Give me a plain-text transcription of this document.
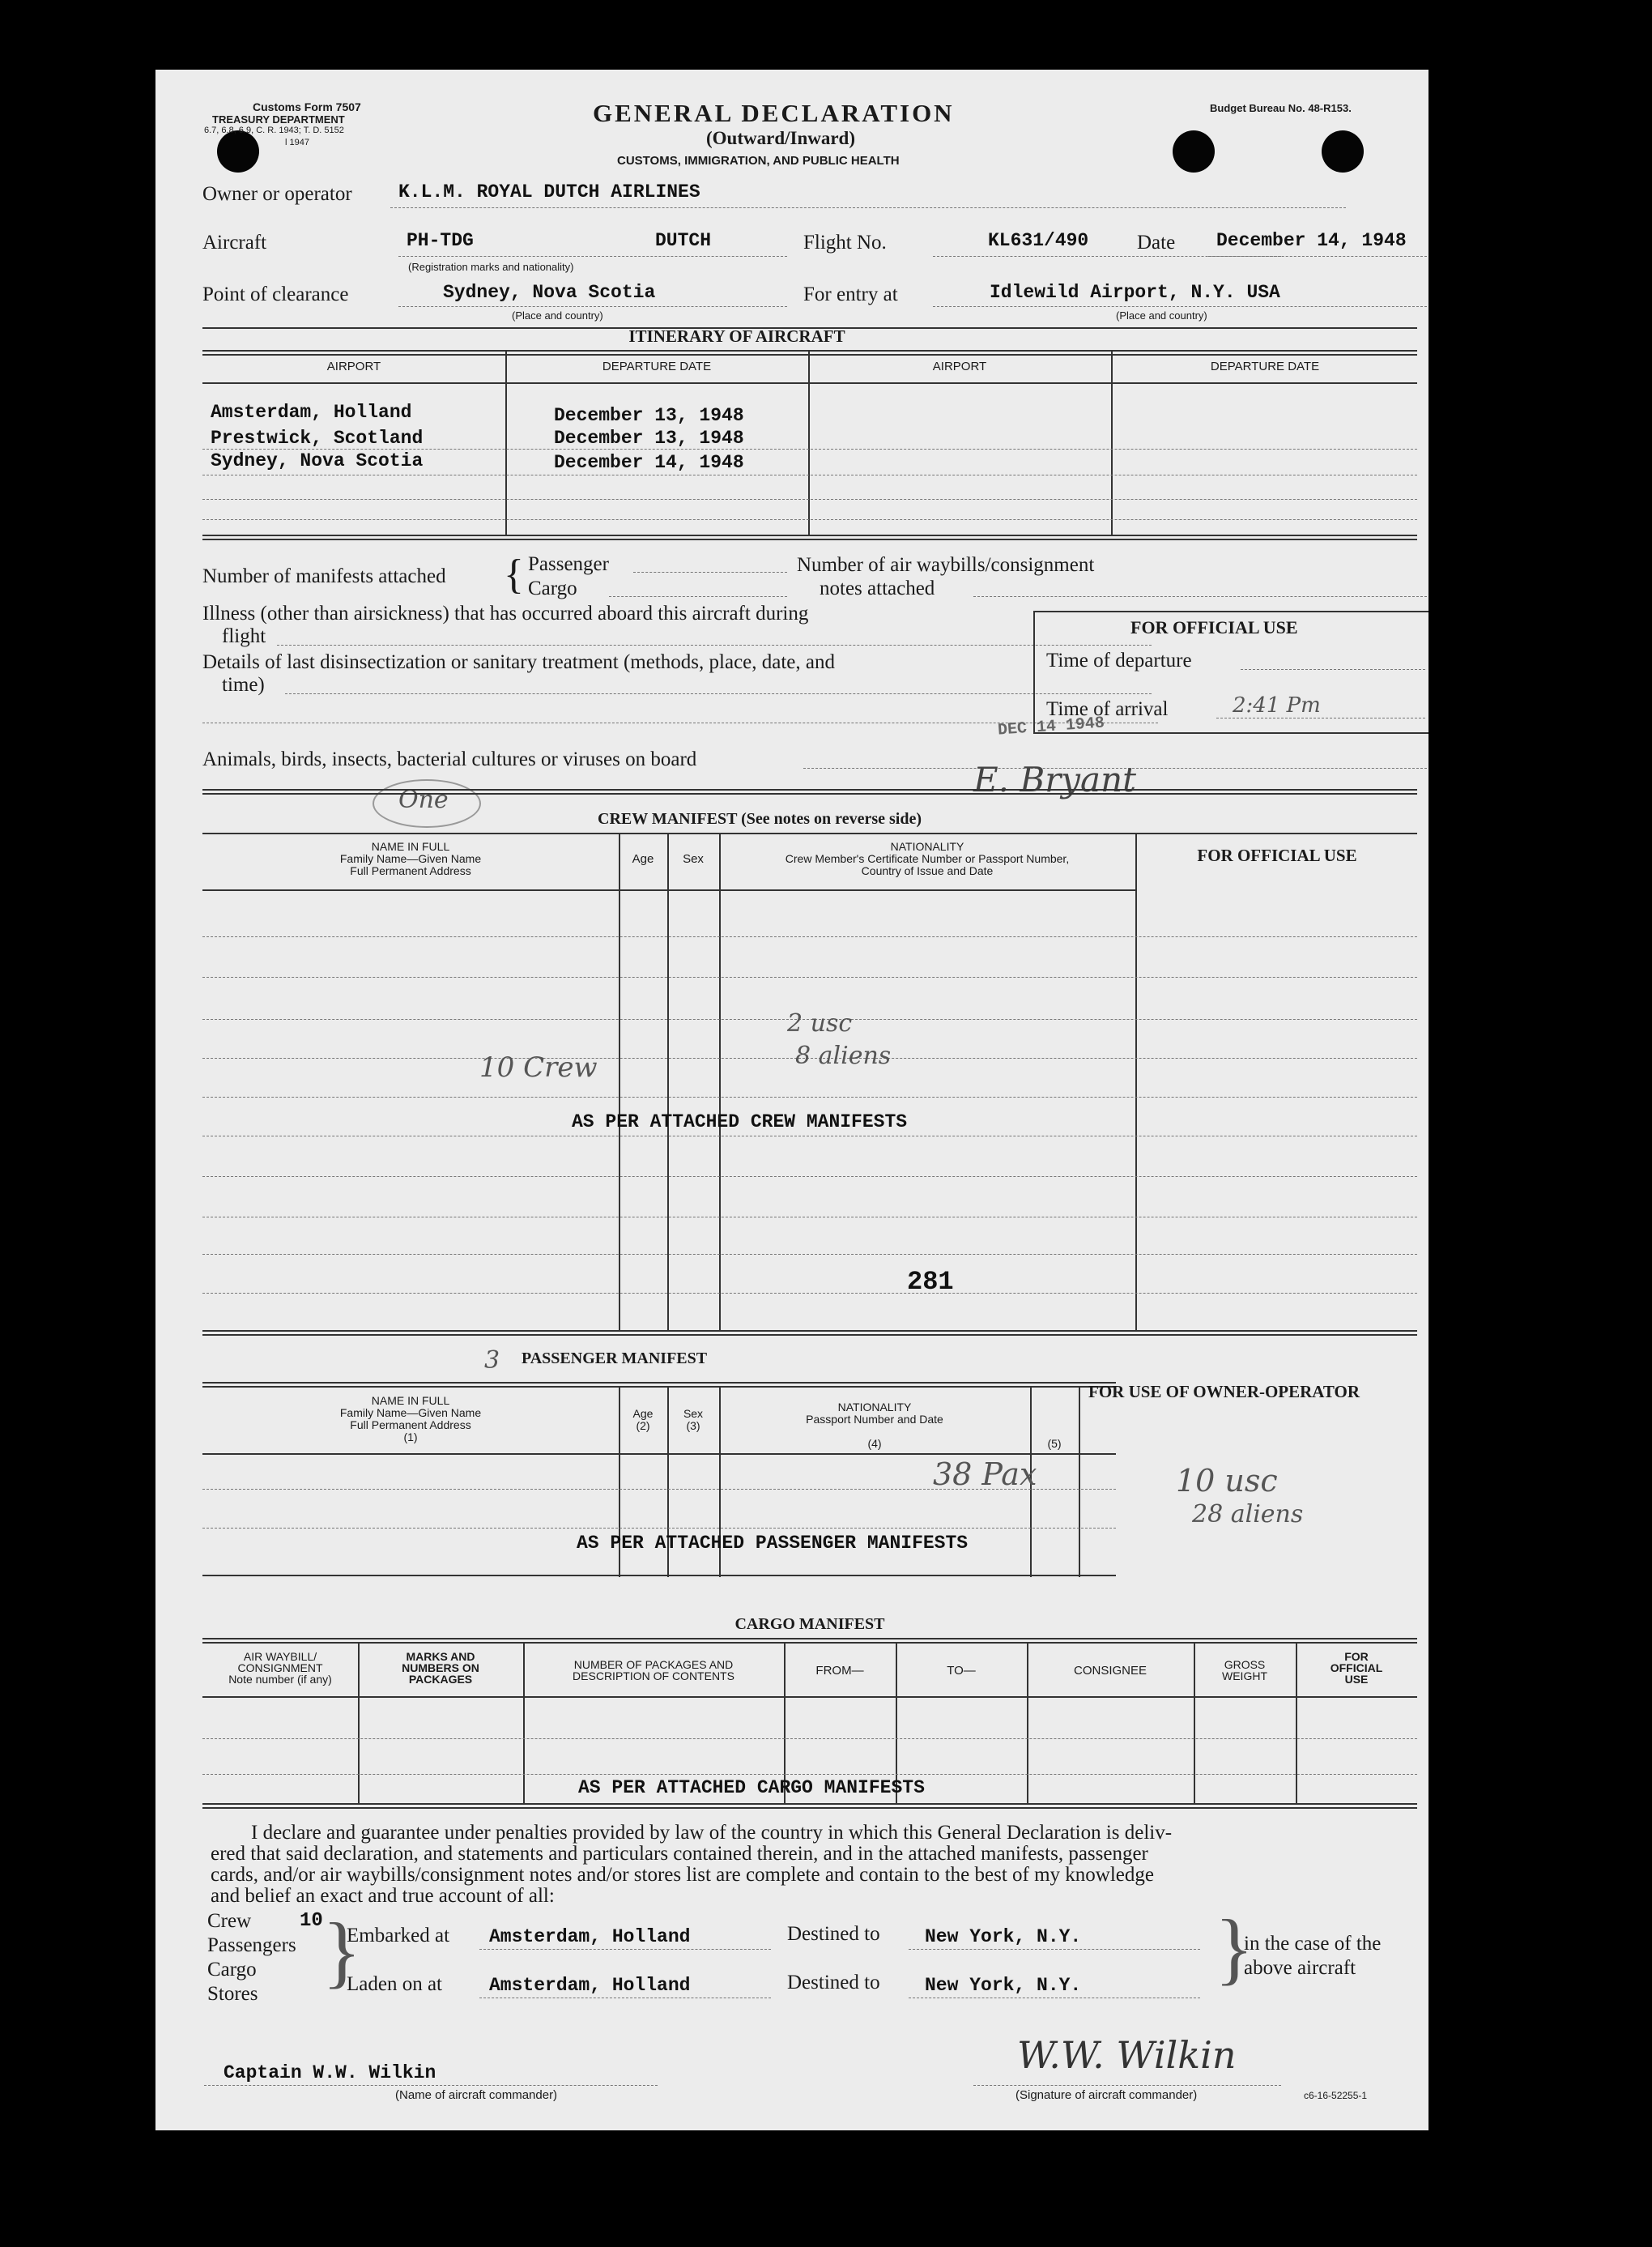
Customs Form 7507
TREASURY DEPARTMENT
6.7, 6.8, 6.9, C. R. 1943; T. D. 5152
l 1947
GENERAL DECLARATION
(Outward/Inward)
CUSTOMS, IMMIGRATION, AND PUBLIC HEALTH
Budget Bureau No. 48-R153.
Owner or operator K.L.M. ROYAL DUTCH AIRLINES
Aircraft	PH-TDG	DUTCH
(Registration marks and nationality)
Flight No.	KL631/490 Date December 14, 1948
Point of clearance	Sydney, Nova Scotia
(Place and country)
For entry at	Idlewild Airport, N.Y. USA
(Place and country)
ITINERARY OF AIRCRAFT
AIRPORT	DEPARTURE DATE	AIRPORT	DEPARTURE DATE
Amsterdam, Holland	December 13, 1948
Prestwick, Scotland	December 13, 1948
Sydney, Nova Scotia	December 14, 1948
Number of manifests attached { Passenger
Cargo
Number of air waybills/consignment
notes attached
Illness (other than airsickness) that has occurred aboard this aircraft during
flight
Details of last disinsectization or sanitary treatment (methods, place, date, and
time)
FOR OFFICIAL USE
Time of departure
Time of arrival	2:41 Pm
Animals, birds, insects, bacterial cultures or viruses on board
DEC 14 1948
E. Bryant
One
CREW MANIFEST (See notes on reverse side)
NAME IN FULL
Family Name—Given Name
Full Permanent Address
Age	Sex
NATIONALITY
Crew Member's Certificate Number or Passport Number,
Country of Issue and Date
FOR OFFICIAL USE
10 Crew
2 usc
8 aliens
AS PER ATTACHED CREW MANIFESTS
281
3 PASSENGER MANIFEST
FOR USE OF OWNER-OPERATOR
NAME IN FULL
Family Name—Given Name
Full Permanent Address
(1)
Age
(2)
Sex
(3)
NATIONALITY
Passport Number and Date

(4)	(5)
38 Pax	10 usc
28 aliens
AS PER ATTACHED PASSENGER MANIFESTS
CARGO MANIFEST
AIR WAYBILL/
CONSIGNMENT
Note number (if any)
MARKS AND
NUMBERS ON
PACKAGES
NUMBER OF PACKAGES AND
DESCRIPTION OF CONTENTS	FROM—	TO—	CONSIGNEE	GROSS
WEIGHT
FOR
OFFICIAL
USE
AS PER ATTACHED CARGO MANIFESTS
I declare and guarantee under penalties provided by law of the country in which this General Declaration is deliv-
ered that said declaration, and statements and particulars contained therein, and in the attached manifests, passenger
cards, and/or air waybills/consignment notes and/or stores list are complete and contain to the best of my knowledge
and belief an exact and true account of all:
Crew 10
Passengers
Cargo
Stores }
Embarked at Amsterdam, Holland	Destined to New York, N.Y.
Laden on at	Amsterdam, Holland	Destined to New York, N.Y. }
in the case of the
above aircraft
Captain W.W. Wilkin
(Name of aircraft commander)
W.W. Wilkin
(Signature of aircraft commander)	c6-16-52255-1
